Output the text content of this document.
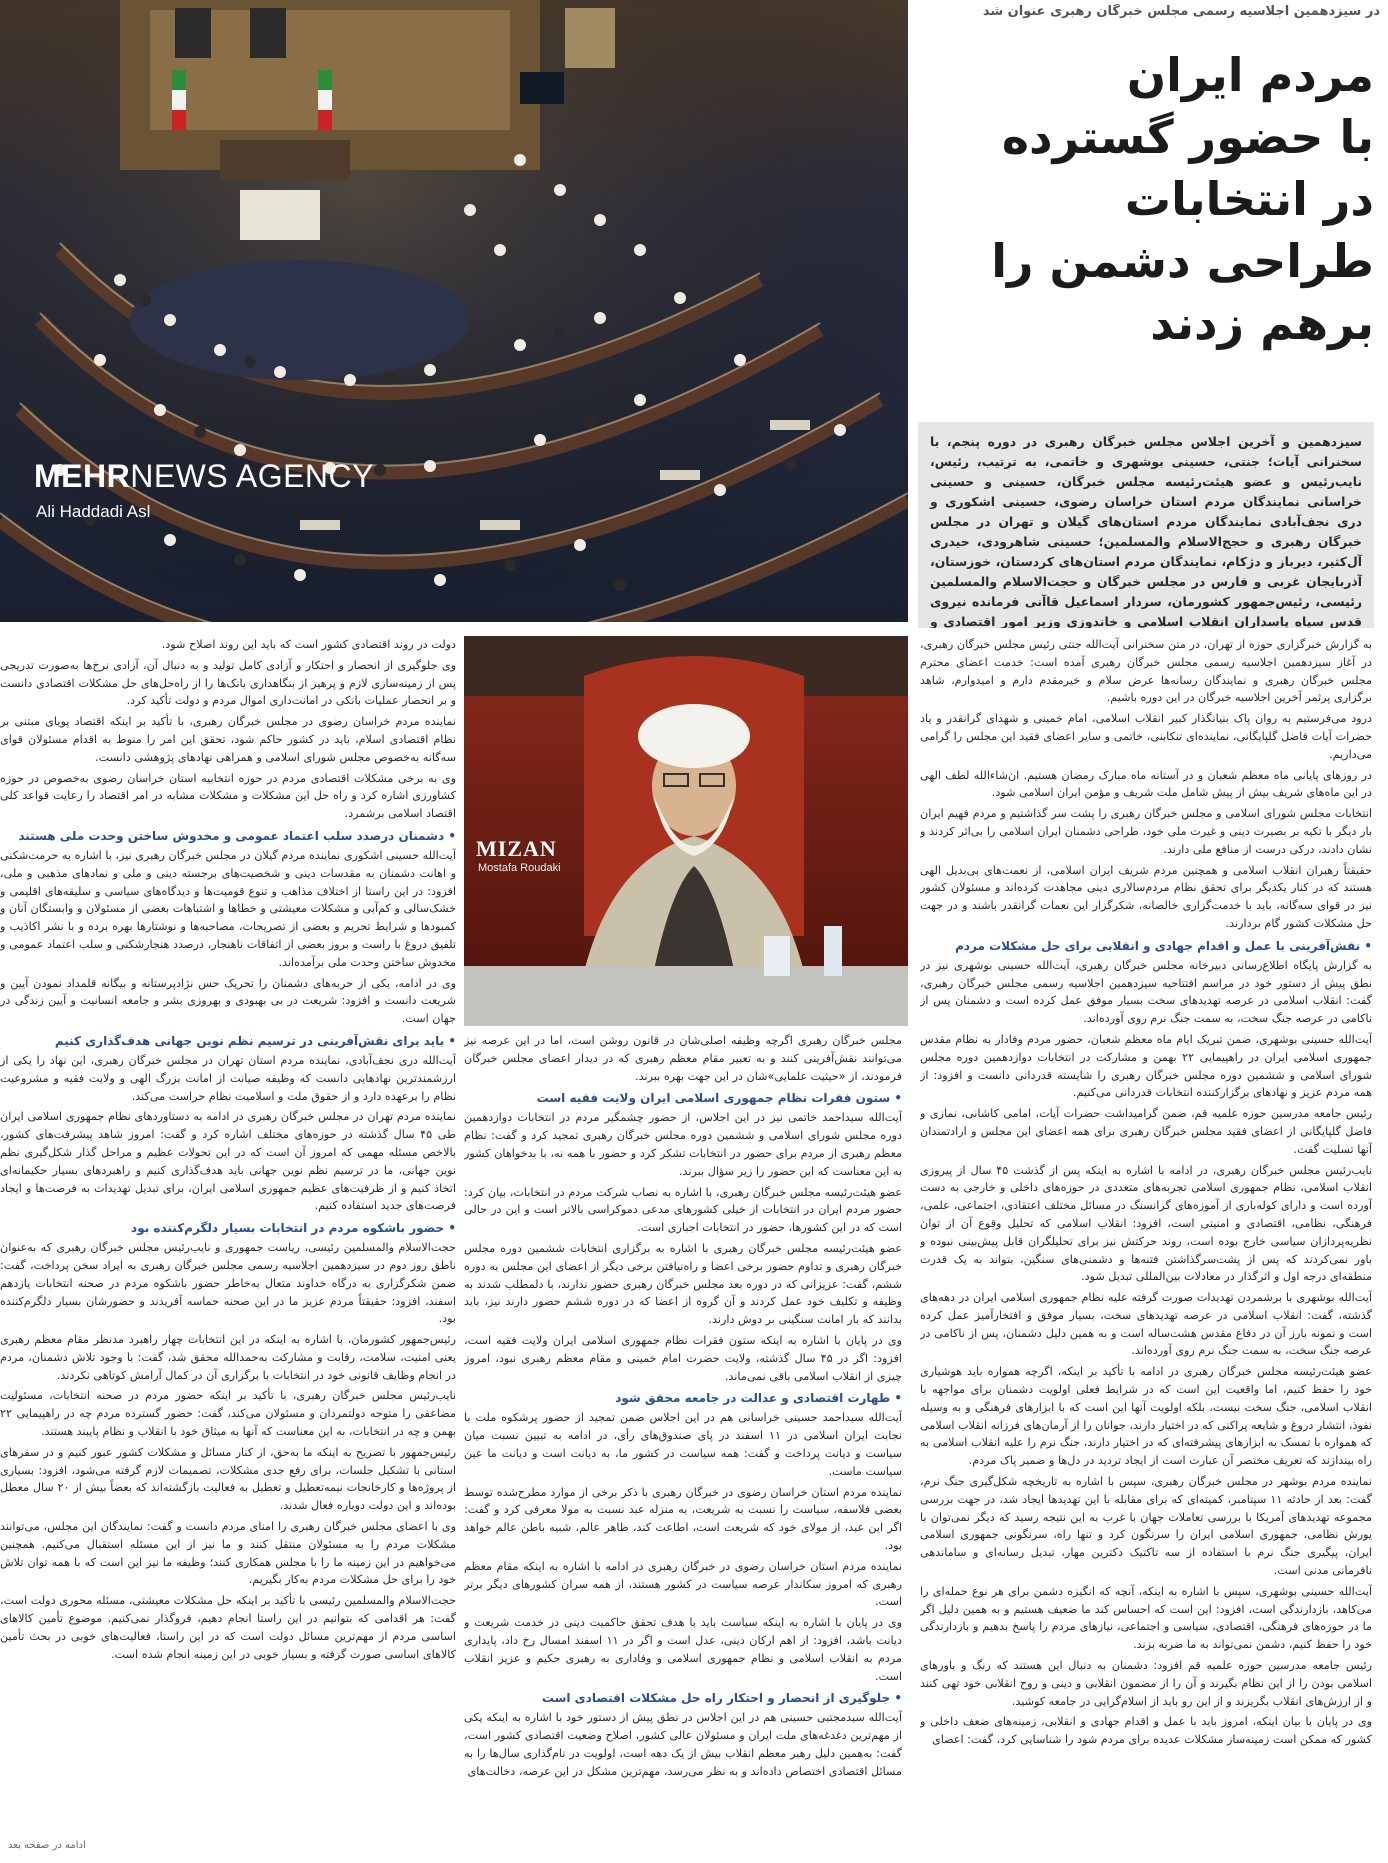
در سیزدهمین اجلاسیه رسمی مجلس خبرگان رهبری عنوان شد
مردم ایران
با حضور گسترده
در انتخابات
طراحی دشمن را
برهم زدند
MEHRNEWS AGENCY
Ali Haddadi Asl
سیزدهمین و آخرین اجلاس مجلس خبرگان رهبری در دوره پنجم، با سخنرانی آیات؛ جنتی، حسینی بوشهری و خاتمی، به ترتیب، رئیس، نایب‌رئیس و عضو هیئت‌رئیسه مجلس خبرگان، حسینی و حسینی خراسانی نمایندگان مردم استان خراسان رضوی، حسینی اشکوری و دری نجف‌آبادی نمایندگان مردم استان‌های گیلان و تهران در مجلس خبرگان رهبری و حجج‌الاسلام والمسلمین؛ حسینی شاهرودی، حیدری آل‌کثیر، دیرباز و دژکام، نمایندگان مردم استان‌های کردستان، خوزستان، آذربایجان غربی و فارس در مجلس خبرگان و حجت‌الاسلام والمسلمین رئیسی، رئیس‌جمهور کشورمان، سردار اسماعیل قاآنی فرمانده نیروی قدس سپاه پاسداران انقلاب اسلامی و خاندوزی وزیر امور اقتصادی و

به گزارش خبرگزاری حوزه از تهران، در متن سخنرانی آیت‌الله جنتی رئیس مجلس خبرگان رهبری، در آغاز سیزدهمین اجلاسیه رسمی مجلس خبرگان رهبری آمده است: خدمت اعضای محترم مجلس خبرگان رهبری و نمایندگان رسانه‌ها عرض سلام و خیرمقدم دارم و امیدوارم، شاهد برگزاری پرثمر آخرین اجلاسیه خبرگان در این دوره باشیم.

درود می‌فرستیم به روان پاک بنیانگذار کبیر انقلاب اسلامی، امام خمینی و شهدای گرانقدر و یاد حضرات آیات فاضل گلپایگانی، نماینده‌ای تنکابنی، خاتمی و سایر اعضای فقید این مجلس را گرامی می‌داریم.

در روزهای پایانی ماه معظم شعبان و در آستانه ماه مبارک رمضان هستیم. ان‌شاءالله لطف الهی در این ماه‌های شریف بیش از پیش شامل ملت شریف و مؤمن ایران اسلامی شود.

انتخابات مجلس شورای اسلامی و مجلس خبرگان رهبری را پشت سر گذاشتیم و مردم فهیم ایران بار دیگر با تکیه بر بصیرت دینی و غیرت ملی خود، طراحی دشمنان ایران اسلامی را بی‌اثر کردند و نشان دادند، درکی درست از منافع ملی دارند.

حقیقتاً رهبران انقلاب اسلامی و همچنین مردم شریف ایران اسلامی، از نعمت‌های بی‌بدیل الهی هستند که در کنار یکدیگر برای تحقق نظام مردم‌سالاری دینی مجاهدت کرده‌اند و مسئولان کشور نیز در قوای سه‌گانه، باید با خدمت‌گزاری خالصانه، شکرگزار این نعمات گرانقدر باشند و در جهت حل مشکلات کشور گام بردارند.

• نقش‌آفرینی با عمل و اقدام جهادی و انقلابی برای حل مشکلات مردم

به گزارش پایگاه اطلاع‌رسانی دبیرخانه مجلس خبرگان رهبری، آیت‌الله حسینی بوشهری نیز در نطق پیش از دستور خود در مراسم افتتاحیه سیزدهمین اجلاسیه رسمی مجلس خبرگان رهبری، گفت: انقلاب اسلامی در عرصه تهدیدهای سخت بسیار موفق عمل کرده است و دشمنان پس از ناکامی در عرصه جنگ سخت، به سمت جنگ نرم روی آورده‌اند.

آیت‌الله حسینی بوشهری، ضمن تبریک ایام ماه معظم شعبان، حضور مردم وفادار به نظام مقدس جمهوری اسلامی ایران در راهپیمایی ۲۲ بهمن و مشارکت در انتخابات دوازدهمین دوره مجلس شورای اسلامی و ششمین دوره مجلس خبرگان رهبری را شایسته قدردانی دانست و افزود: از همه مردم عزیز و نهادهای برگزارکننده انتخابات قدردانی می‌کنیم.

رئیس جامعه مدرسین حوزه علمیه قم، ضمن گرامیداشت حضرات آیات، امامی کاشانی، نمازی و فاضل گلپایگانی از اعضای فقید مجلس خبرگان رهبری برای همه اعضای این مجلس و ارادتمندان آنها تسلیت گفت.

نایب‌رئیس مجلس خبرگان رهبری، در ادامه با اشاره به اینکه پس از گذشت ۴۵ سال از پیروزی انقلاب اسلامی، نظام جمهوری اسلامی تجربه‌های متعددی در حوزه‌های داخلی و خارجی به دست آورده است و دارای کوله‌باری از آموزه‌های گرانسنگ در مسائل مختلف اعتقادی، اجتماعی، علمی، فرهنگی، نظامی، اقتصادی و امنیتی است، افزود: انقلاب اسلامی که تحلیل وقوع آن از توان نظریه‌پردازان سیاسی خارج بوده است، روند حرکتش نیز برای تحلیلگران قابل پیش‌بینی نبوده و باور نمی‌کردند که پس از پشت‌سرگذاشتن فتنه‌ها و دشمنی‌های سنگین، بتواند به یک قدرت منطقه‌ای درجه اول و اثرگذار در معادلات بین‌المللی تبدیل شود.

آیت‌الله بوشهری با برشمردن تهدیدات صورت گرفته علیه نظام جمهوری اسلامی ایران در دهه‌های گذشته، گفت: انقلاب اسلامی در عرصه تهدیدهای سخت، بسیار موفق و افتخارآمیز عمل کرده است و نمونه بارز آن در دفاع مقدس هشت‌ساله است و به همین دلیل دشمنان، پس از ناکامی در عرصه جنگ سخت، به سمت جنگ نرم روی آورده‌اند.

عضو هیئت‌رئیسه مجلس خبرگان رهبری در ادامه با تأکید بر اینکه، اگرچه همواره باید هوشیاری خود را حفظ کنیم، اما واقعیت این است که در شرایط فعلی اولویت دشمنان برای مواجهه با انقلاب اسلامی، جنگ سخت نیست، بلکه اولویت آنها این است که با ابزارهای فرهنگی و به وسیله نفوذ، انتشار دروغ و شایعه پراکنی که در اختیار دارند، جوانان را از آرمان‌های فرزانه انقلاب اسلامی که همواره با تمسک به ابزارهای پیشرفته‌ای که در اختیار دارند، جنگ نرم را علیه انقلاب اسلامی به راه بیندازند که تعریف مختصر آن عبارت است از ایجاد تردید در دل‌ها و ضمیر پاک مردم.

نماینده مردم بوشهر در مجلس خبرگان رهبری، سپس با اشاره به تاریخچه شکل‌گیری جنگ نرم، گفت: بعد از حادثه ۱۱ سپتامبر، کمیته‌ای که برای مقابله با این تهدیدها ایجاد شد، در جهت بررسی مجموعه تهدیدهای آمریکا با بررسی تعاملات جهان با غرب به این نتیجه رسید که دیگر نمی‌توان با یورش نظامی، جمهوری اسلامی ایران را سرنگون کرد و تنها راه، سرنگونی جمهوری اسلامی ایران، پیگیری جنگ نرم با استفاده از سه تاکتیک دکترین مهار، تبدیل رسانه‌ای و ساماندهی نافرمانی مدنی است.

آیت‌الله حسینی بوشهری، سپس با اشاره به اینکه، آنچه که انگیزه دشمن برای هر نوع حمله‌ای را می‌کاهد، بازدارندگی است، افزود: این است که احساس کند ما ضعیف هستیم و به همین دلیل اگر ما در حوزه‌های فرهنگی، اقتصادی، سیاسی و اجتماعی، نیازهای مردم را پاسخ بدهیم و بازدارندگی خود را حفظ کنیم، دشمن نمی‌تواند به ما ضربه بزند.

رئیس جامعه مدرسین حوزه علمیه قم افزود: دشمنان به دنبال این هستند که رنگ و باورهای اسلامی بودن را از این نظام بگیرند و آن را از مضمون انقلابی و دینی و روح انقلابی خود تهی کنند و از ارزش‌های انقلاب بگریزند و از این رو باید از اسلام‌گرایی در جامعه کوشید.

وی در پایان با بیان اینکه، امروز باید با عمل و اقدام جهادی و انقلابی، زمینه‌های ضعف داخلی و کشور که ممکن است زمینه‌ساز مشکلات عدیده برای مردم شود را شناسایی کرد، گفت: اعضای

MIZAN
Mostafa Roudaki

مجلس خبرگان رهبری اگرچه وظیفه اصلی‌شان در قانون روشن است، اما در این عرصه نیز می‌توانند نقش‌آفرینی کنند و به تعبیر مقام معظم رهبری که در دیدار اعضای مجلس خبرگان فرمودند، از «حیثیت علمایی»شان در این جهت بهره ببرند.

• ستون فقرات نظام جمهوری اسلامی ایران ولایت فقیه است

آیت‌الله سیداحمد خاتمی نیز در این اجلاس، از حضور چشمگیر مردم در انتخابات دوازدهمین دوره مجلس شورای اسلامی و ششمین دوره مجلس خبرگان رهبری تمجید کرد و گفت: نظام معظم رهبری از مردم برای حضور در انتخابات تشکر کرد و حضور با همه نه، با بدخواهان کشور به این معناست که این حضور را زیر سؤال ببرند.

عضو هیئت‌رئیسه مجلس خبرگان رهبری، با اشاره به نصاب شرکت مردم در انتخابات، بیان کرد: حضور مردم ایران در انتخابات از خیلی کشورهای مدعی دموکراسی بالاتر است و این در حالی است که در این کشورها، حضور در انتخابات اجباری است.

عضو هیئت‌رئیسه مجلس خبرگان رهبری با اشاره به برگزاری انتخابات ششمین دوره مجلس خبرگان رهبری و تداوم حضور برخی اعضا و راه‌نیافتن برخی دیگر از اعضای این مجلس به دوره ششم، گفت: عزیزانی که در دوره بعد مجلس خبرگان رهبری حضور ندارند، با دلمطلب شدند به وظیفه و تکلیف خود عمل کردند و آن گروه از اعضا که در دوره ششم حضور دارند نیز، باید بدانند که بار امانت سنگینی بر دوش دارند.

وی در پایان با اشاره به اینکه ستون فقرات نظام جمهوری اسلامی ایران ولایت فقیه است، افزود: اگر در ۴۵ سال گذشته، ولایت حضرت امام خمینی و مقام معظم رهبری نبود، امروز چیزی از انقلاب اسلامی باقی نمی‌ماند.

• طهارت اقتصادی و عدالت در جامعه محقق شود

آیت‌الله سیداحمد حسینی خراسانی هم در این اجلاس ضمن تمجید از حضور پرشکوه ملت با نجابت ایران اسلامی در ۱۱ اسفند در پای صندوق‌های رأی، در ادامه به تبیین نسبت میان سیاست و دیانت پرداخت و گفت: همه سیاست در کشور ما، به دیانت است و دیانت ما عین سیاست ماست.

نماینده مردم استان خراسان رضوی در خبرگان رهبری با ذکر برخی از موارد مطرح‌شده توسط بعضی فلاسفه، سیاست را نسبت به شریعت، به منزله عبد نسبت به مولا معرفی کرد و گفت: اگر این عبد، از مولای خود که شریعت است، اطاعت کند، ظاهر عالم، شبیه باطن عالم خواهد بود.

نماینده مردم استان خراسان رضوی در خبرگان رهبری در ادامه با اشاره به اینکه مقام معظم رهبری که امروز سکاندار عرصه سیاست در کشور هستند، از همه سران کشورهای دیگر برتر است.

وی در پایان با اشاره به اینکه سیاست باید با هدف تحقق حاکمیت دینی در خدمت شریعت و دیانت باشد، افزود: از اهم ارکان دینی، عدل است و اگر در ۱۱ اسفند امسال رخ داد، پایداری مردم به انقلاب اسلامی و نظام جمهوری اسلامی و وفاداری به رهبری حکیم و عزیز انقلاب است.

• جلوگیری از انحصار و احتکار راه حل مشکلات اقتصادی است

آیت‌الله سیدمجتبی حسینی هم در این اجلاس در نطق پیش از دستور خود با اشاره به اینکه یکی از مهم‌ترین دغدغه‌های ملت ایران و مسئولان عالی کشور، اصلاح وضعیت اقتصادی کشور است، گفت: به‌همین دلیل رهبر معظم انقلاب بیش از یک دهه است، اولویت در نام‌گذاری سال‌ها را به مسائل اقتصادی اختصاص داده‌اند و به نظر می‌رسد، مهم‌ترین مشکل در این عرصه، دخالت‌های

دولت در روند اقتصادی کشور است که باید این روند اصلاح شود.

وی جلوگیری از انحصار و احتکار و آزادی کامل تولید و به دنبال آن، آزادی نرخ‌ها به‌صورت تدریجی پس از زمینه‌سازی لازم و پرهیز از بنگاهداری بانک‌ها را از راه‌حل‌های حل مشکلات اقتصادی دانست و بر انحصار عملیات بانکی در امانت‌داری اموال مردم و دولت تأکید کرد.

نماینده مردم خراسان رضوی در مجلس خبرگان رهبری، با تأکید بر اینکه اقتصاد پویای مبتنی بر نظام اقتصادی اسلام، باید در کشور حاکم شود، تحقق این امر را منوط به اقدام مسئولان قوای سه‌گانه به‌خصوص مجلس شورای اسلامی و همراهی نهادهای پژوهشی دانست.

وی به برخی مشکلات اقتصادی مردم در حوزه انتخابیه استان خراسان رضوی به‌خصوص در حوزه کشاورزی اشاره کرد و راه حل این مشکلات و مشکلات مشابه در امر اقتصاد را رعایت قواعد کلی اقتصاد اسلامی برشمرد.

• دشمنان درصدد سلب اعتماد عمومی و مخدوش ساختن وحدت ملی هستند

آیت‌الله حسینی اشکوری نماینده مردم گیلان در مجلس خبرگان رهبری نیز، با اشاره به حرمت‌شکنی و اهانت دشمنان به مقدسات دینی و شخصیت‌های برجسته دینی و ملی و نمادهای مذهبی و ملی، افزود: در این راستا از اختلاف مذاهب و تنوع قومیت‌ها و دیدگاه‌های سیاسی و سلیقه‌های اقلیمی و خشک‌سالی و کم‌آبی و مشکلات معیشتی و خطاها و اشتباهات بعضی از مسئولان و وابستگان آنان و کمبودها و شرایط تحریم و بعضی از تصریحات، مصاحبه‌ها و نوشتارها بهره برده و با نشر اکاذیب و تلفیق دروغ با راست و بروز بعضی از اتفاقات ناهنجار، درصدد هنجارشکنی و سلب اعتماد عمومی و مخدوش ساختن وحدت ملی برآمده‌اند.

وی در ادامه، یکی از حربه‌های دشمنان را تحریک حس نژادپرستانه و بیگانه قلمداد نمودن آیین و شریعت دانست و افزود: شریعت در بی بهبودی و بهروزی بشر و جامعه انسانیت و آیین زندگی در جهان است.

• باید برای نقش‌آفرینی در ترسیم نظم نوین جهانی هدف‌گذاری کنیم

آیت‌الله دری نجف‌آبادی، نماینده مردم استان تهران در مجلس خبرگان رهبری، این نهاد را یکی از ارزشمندترین نهادهایی دانست که وظیفه صیانت از امانت بزرگ الهی و ولایت فقیه و مشروعیت نظام را برعهده دارد و از حقوق ملت و اسلامیت نظام حراست می‌کند.

نماینده مردم تهران در مجلس خبرگان رهبری در ادامه به دستاوردهای نظام جمهوری اسلامی ایران طی ۴۵ سال گذشته در حوزه‌های مختلف اشاره کرد و گفت: امروز شاهد پیشرفت‌های کشور، بالاخص مسئله مهمی که امروز آن است که در این تحولات عظیم و مراحل گذار شکل‌گیری نظم نوین جهانی، ما در ترسیم نظم نوین جهانی باید هدف‌گذاری کنیم و راهبردهای بسیار حکیمانه‌ای اتخاذ کنیم و از ظرفیت‌های عظیم جمهوری اسلامی ایران، برای تبدیل تهدیدات به فرصت‌ها و ایجاد فرصت‌های جدید استفاده کنیم.

• حضور باشکوه مردم در انتخابات بسیار دلگرم‌کننده بود

حجت‌الاسلام والمسلمین رئیسی، ریاست جمهوری و نایب‌رئیس مجلس خبرگان رهبری که به‌عنوان ناطق روز دوم در سیزدهمین اجلاسیه رسمی مجلس خبرگان رهبری به ایراد سخن پرداخت، گفت: ضمن شکرگزاری به درگاه خداوند متعال به‌خاطر حضور باشکوه مردم در صحنه انتخابات یازدهم اسفند، افزود: حقیقتاً مردم عزیز ما در این صحنه حماسه آفریدند و حضورشان بسیار دلگرم‌کننده بود.

رئیس‌جمهور کشورمان، با اشاره به اینکه در این انتخابات چهار راهبرد مدنظر مقام معظم رهبری یعنی امنیت، سلامت، رقابت و مشارکت به‌حمدالله محقق شد، گفت: با وجود تلاش دشمنان، مردم در انجام وظایف قانونی خود در انتخابات با برگزاری آن در کمال آرامش کوتاهی نکردند.

نایب‌رئیس مجلس خبرگان رهبری، با تأکید بر اینکه حضور مردم در صحنه انتخابات، مسئولیت مضاعفی را متوجه دولتمردان و مسئولان می‌کند، گفت: حضور گسترده مردم چه در راهپیمایی ۲۲ بهمن و چه در انتخابات، به این معناست که آنها به میثاق خود با انقلاب و نظام پایبند هستند.

رئیس‌جمهور با تصریح به اینکه ما به‌حق، از کنار مسائل و مشکلات کشور عبور کنیم و در سفرهای استانی با تشکیل جلسات، برای رفع جدی مشکلات، تصمیمات لازم گرفته می‌شود، افزود: بسیاری از پروژه‌ها و کارخانجات نیمه‌تعطیل و تعطیل به فعالیت بازگشته‌اند که بعضاً بیش از ۲۰ سال معطل بوده‌اند و این دولت دوباره فعال شدند.

وی با اعضای مجلس خبرگان رهبری را امنای مردم دانست و گفت: نمایندگان این مجلس، می‌توانند مشکلات مردم را به مسئولان منتقل کنند و ما نیز از این مسئله استقبال می‌کنیم. همچنین می‌خواهیم در این زمینه ما را با مجلس همکاری کنند؛ وظیفه ما نیز این است که با همه توان تلاش خود را برای حل مشکلات مردم به‌کار بگیریم.

حجت‌الاسلام والمسلمین رئیسی با تأکید بر اینکه حل مشکلات معیشتی، مسئله محوری دولت است، گفت: هر اقدامی که بتوانیم در این راستا انجام دهیم، فروگذار نمی‌کنیم. موضوع تأمین کالاهای اساسی مردم از مهم‌ترین مسائل دولت است که در این راستا، فعالیت‌های خوبی در بحث تأمین کالاهای اساسی صورت گرفته و بسیار خوبی در این زمینه انجام شده است.

ادامه در صفحه بعد
